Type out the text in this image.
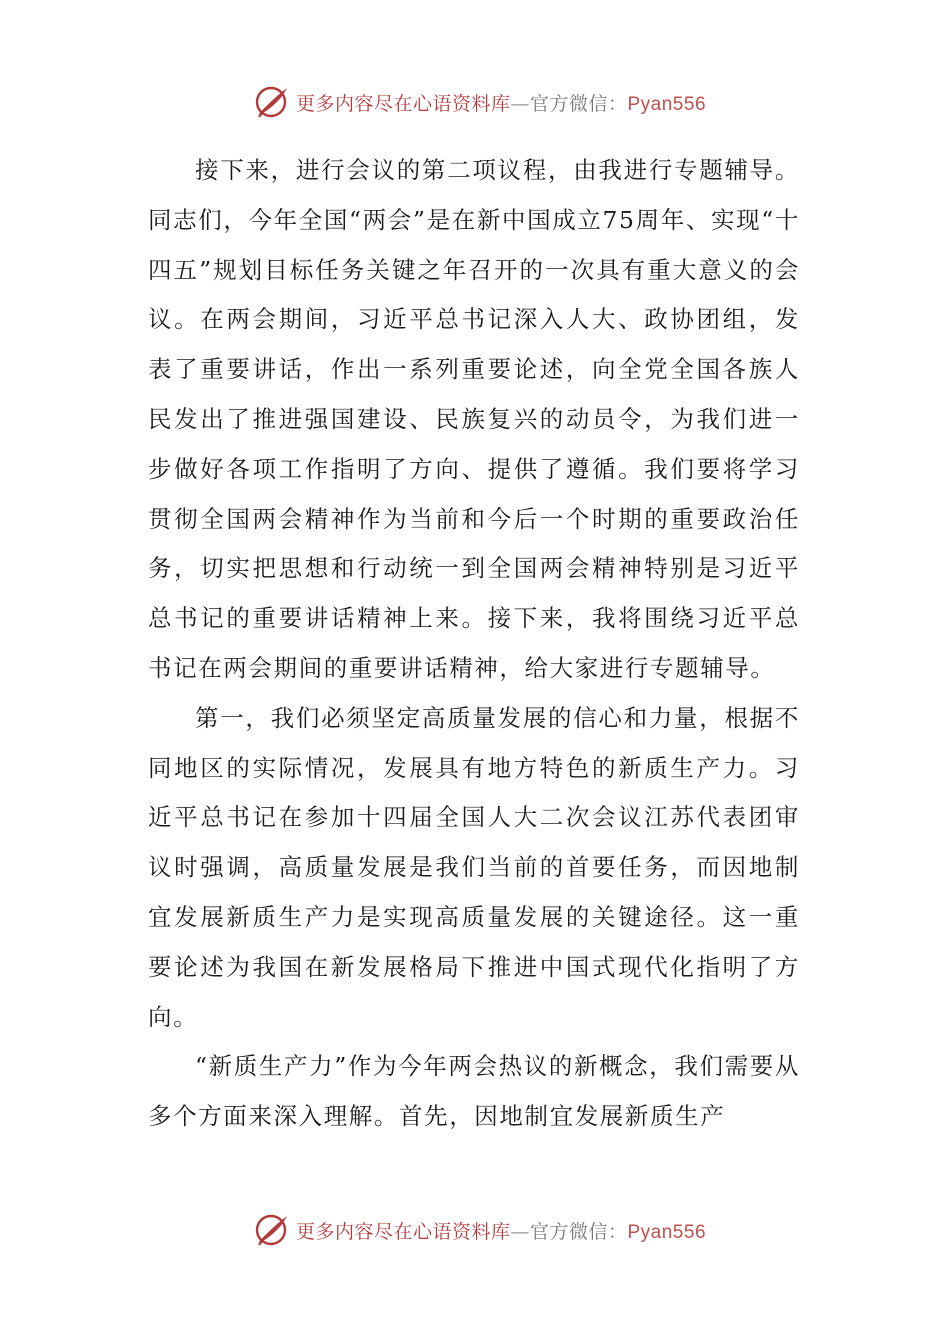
更多内容尽在心语资料库—官方微信：Pyan556

接下来，进行会议的第二项议程，由我进行专题辅导。同志们，今年全国“两会”是在新中国成立75周年、实现“十四五”规划目标任务关键之年召开的一次具有重大意义的会议。在两会期间，习近平总书记深入人大、政协团组，发表了重要讲话，作出一系列重要论述，向全党全国各族人民发出了推进强国建设、民族复兴的动员令，为我们进一步做好各项工作指明了方向、提供了遵循。我们要将学习贯彻全国两会精神作为当前和今后一个时期的重要政治任务，切实把思想和行动统一到全国两会精神特别是习近平总书记的重要讲话精神上来。接下来，我将围绕习近平总书记在两会期间的重要讲话精神，给大家进行专题辅导。

第一，我们必须坚定高质量发展的信心和力量，根据不同地区的实际情况，发展具有地方特色的新质生产力。习近平总书记在参加十四届全国人大二次会议江苏代表团审议时强调，高质量发展是我们当前的首要任务，而因地制宜发展新质生产力是实现高质量发展的关键途径。这一重要论述为我国在新发展格局下推进中国式现代化指明了方向。

“新质生产力”作为今年两会热议的新概念，我们需要从多个方面来深入理解。首先，因地制宜发展新质生产

更多内容尽在心语资料库—官方微信：Pyan556
